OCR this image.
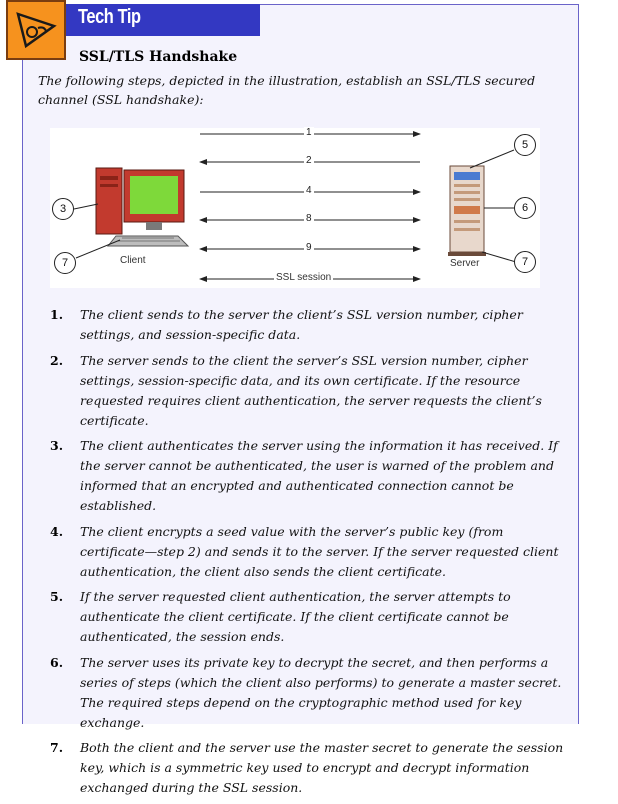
Tech Tip
SSL/TLS Handshake
The following steps, depicted in the illustration, establish an SSL/TLS secured channel (SSL handshake):
1
2
4
8
9
SSL session
Client	Server
3
7
5
6
7
1.	The client sends to the server the client’s SSL version number, cipher settings, and session-specific data.
2.	The server sends to the client the server’s SSL version number, cipher settings, session-specific data, and its own certificate. If the resource requested requires client authentication, the server requests the client’s certificate.
3.	The client authenticates the server using the information it has received. If the server cannot be authenticated, the user is warned of the problem and informed that an encrypted and authenticated connection cannot be established.
4.	The client encrypts a seed value with the server’s public key (from certificate—step 2) and sends it to the server. If the server requested client authentication, the client also sends the client certificate.
5.	If the server requested client authentication, the server attempts to authenticate the client certificate. If the client certificate cannot be authenticated, the session ends.
6.	The server uses its private key to decrypt the secret, and then performs a series of steps (which the client also performs) to generate a master secret. The required steps depend on the cryptographic method used for key exchange.
7.	Both the client and the server use the master secret to generate the session key, which is a symmetric key used to encrypt and decrypt information exchanged during the SSL session.
